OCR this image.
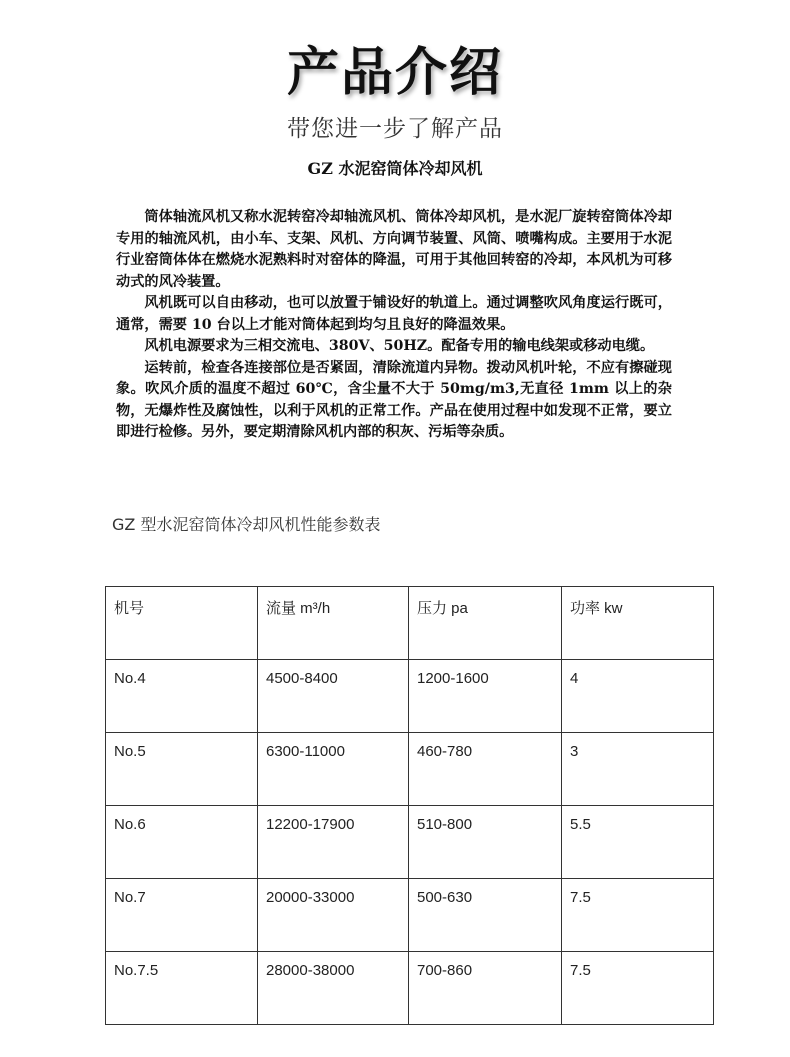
产品介绍
带您进一步了解产品
GZ 水泥窑筒体冷却风机

筒体轴流风机又称水泥转窑冷却轴流风机、筒体冷却风机，是水泥厂旋转窑筒体冷却专用的轴流风机，由小车、支架、风机、方向调节装置、风筒、喷嘴构成。主要用于水泥行业窑筒体体在燃烧水泥熟料时对窑体的降温，可用于其他回转窑的冷却，本风机为可移动式的风冷装置。

风机既可以自由移动，也可以放置于铺设好的轨道上。通过调整吹风角度运行既可，通常，需要 10 台以上才能对筒体起到均匀且良好的降温效果。

风机电源要求为三相交流电、380V、50HZ。配备专用的输电线架或移动电缆。

运转前，检查各连接部位是否紧固，清除流道内异物。拨动风机叶轮，不应有擦碰现象。吹风介质的温度不超过 60℃，含尘量不大于 50mg/m3,无直径 1mm 以上的杂物，无爆炸性及腐蚀性，以利于风机的正常工作。产品在使用过程中如发现不正常，要立即进行检修。另外，要定期清除风机内部的积灰、污垢等杂质。

GZ 型水泥窑筒体冷却风机性能参数表
机号	流量 m³/h	压力 pa	功率 kw
No.4	4500-8400	1200-1600	4
No.5	6300-11000	460-780	3
No.6	12200-17900	510-800	5.5
No.7	20000-33000	500-630	7.5
No.7.5	28000-38000	700-860	7.5
